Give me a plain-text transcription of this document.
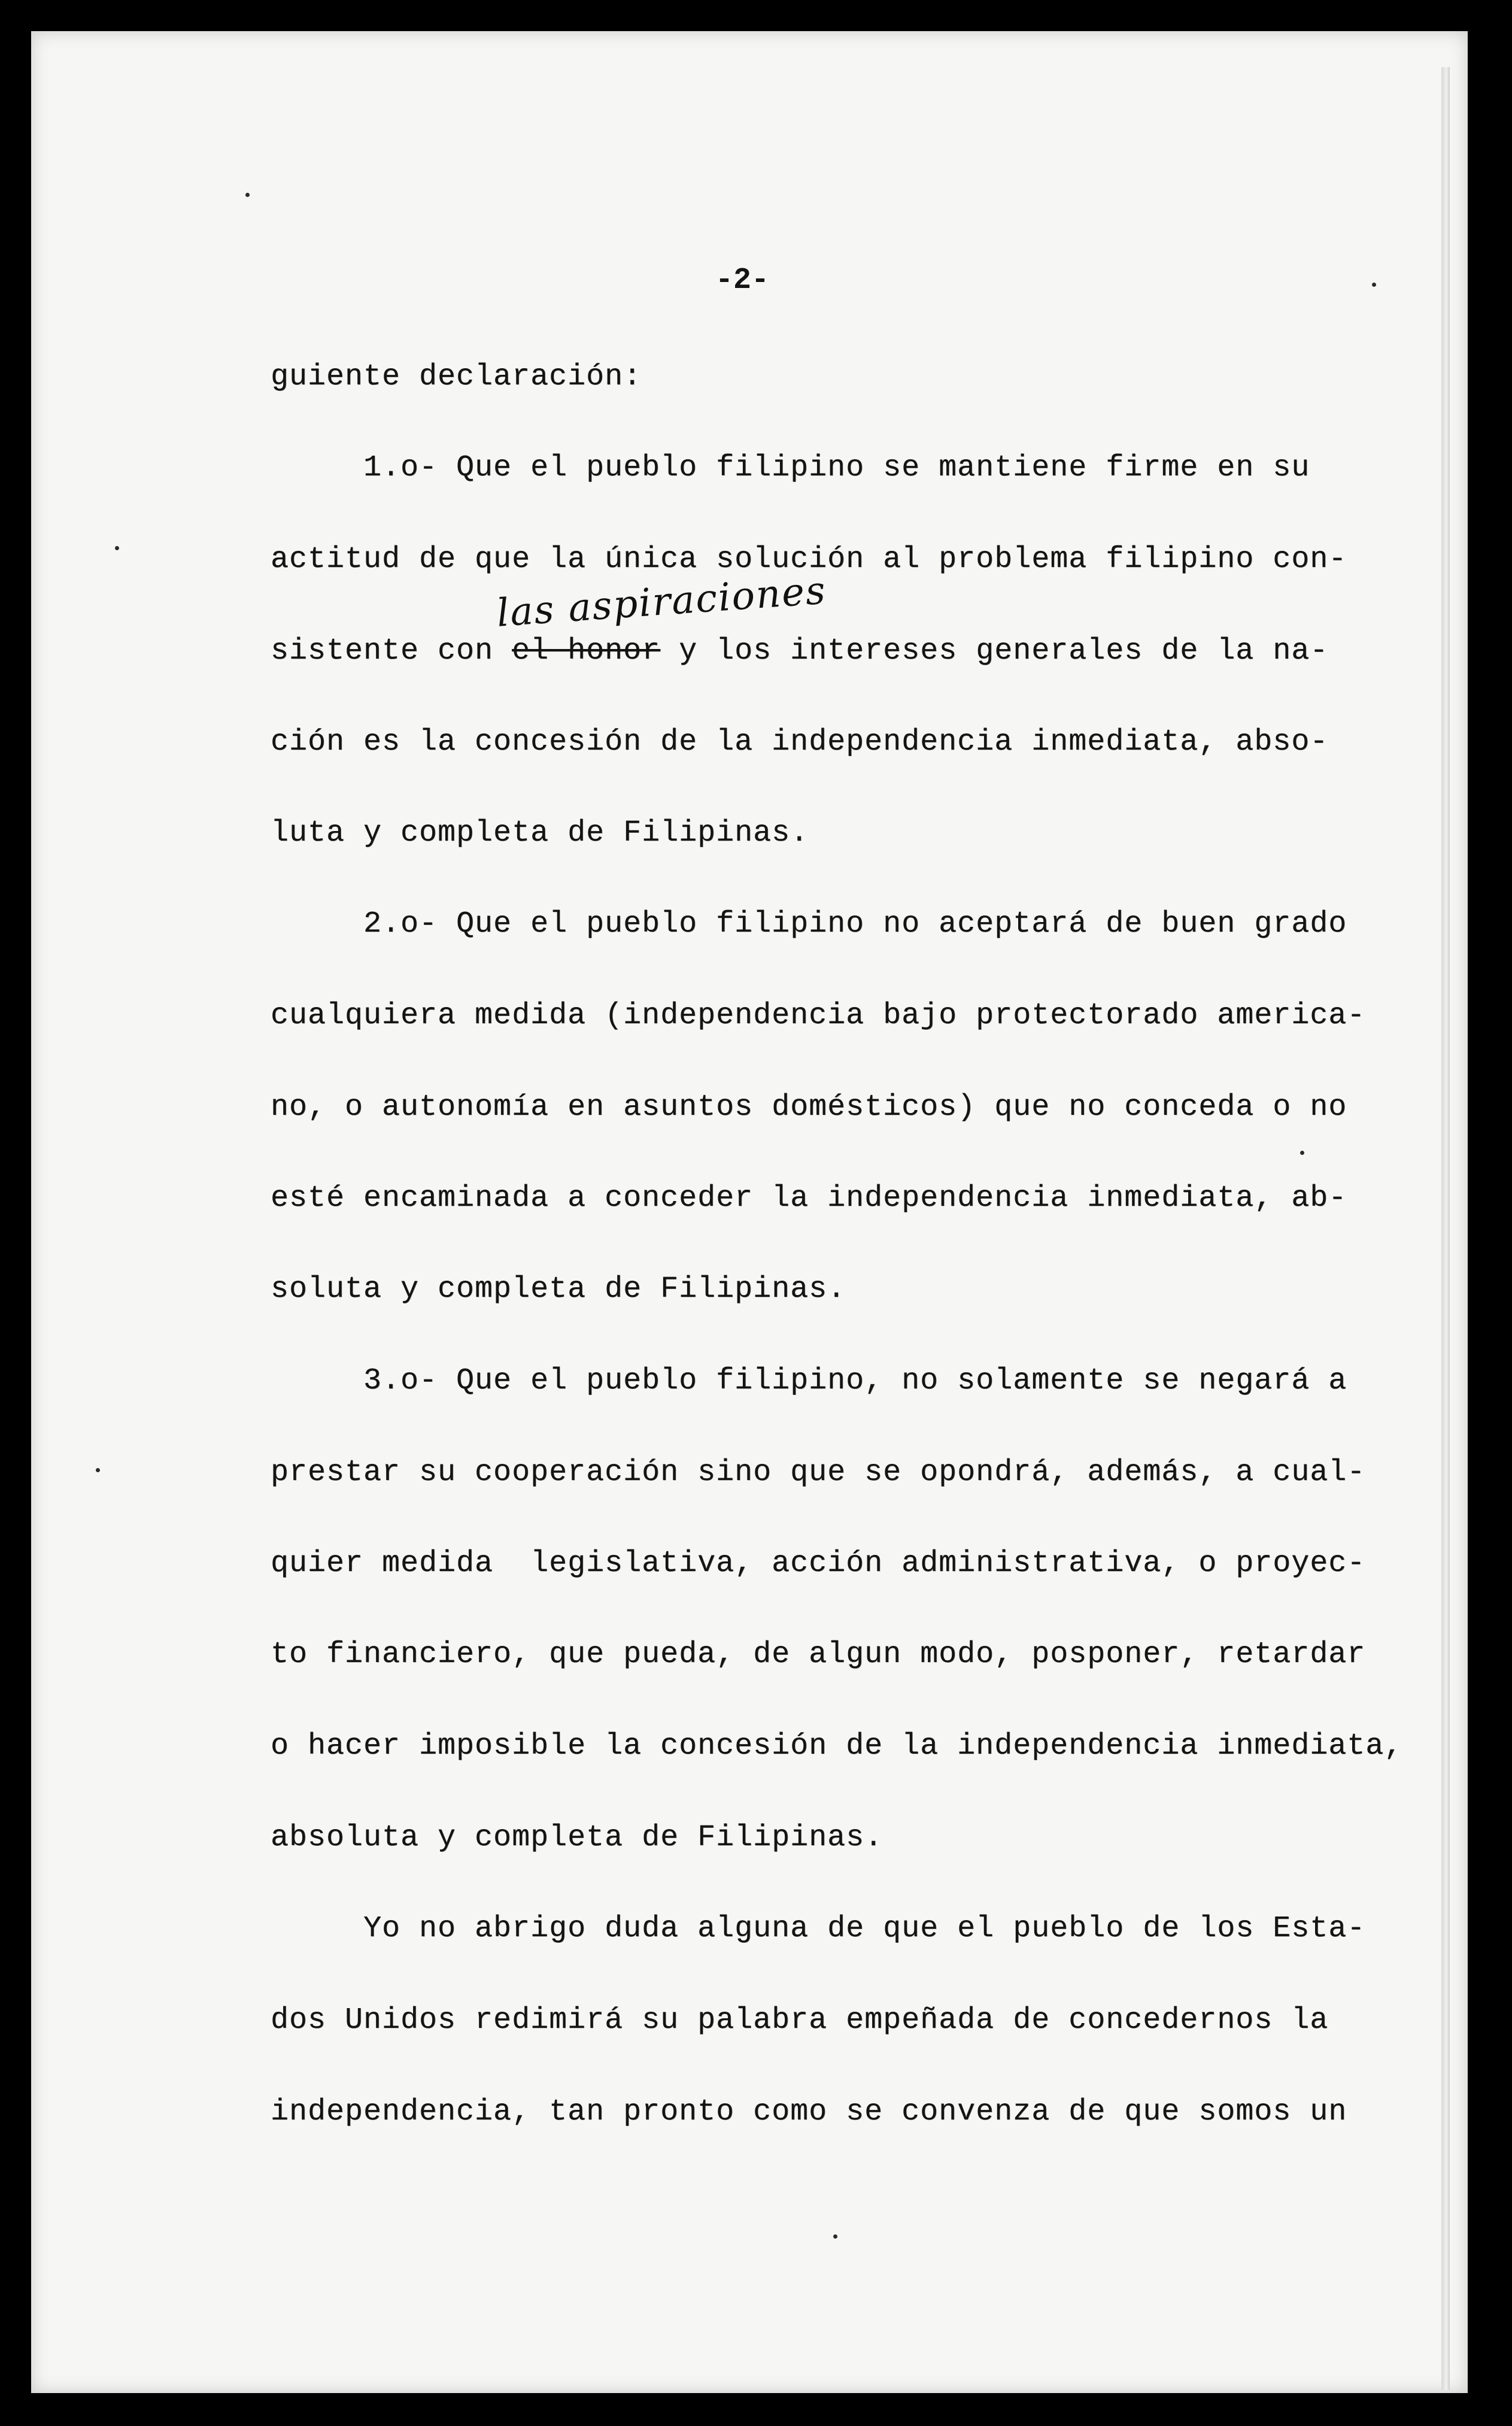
-2-
las aspiraciones

guiente declaración:

1.o- Que el pueblo filipino se mantiene firme en su

actitud de que la única solución al problema filipino con-

sistente con el honor y los intereses generales de la na-

ción es la concesión de la independencia inmediata, abso-

luta y completa de Filipinas.

2.o- Que el pueblo filipino no aceptará de buen grado

cualquiera medida (independencia bajo protectorado america-

no, o autonomía en asuntos domésticos) que no conceda o no

esté encaminada a conceder la independencia inmediata, ab-

soluta y completa de Filipinas.

3.o- Que el pueblo filipino, no solamente se negará a

prestar su cooperación sino que se opondrá, además, a cual-

quier medida  legislativa, acción administrativa, o proyec-

to financiero, que pueda, de algun modo, posponer, retardar

o hacer imposible la concesión de la independencia inmediata,

absoluta y completa de Filipinas.

Yo no abrigo duda alguna de que el pueblo de los Esta-

dos Unidos redimirá su palabra empeñada de concedernos la

independencia, tan pronto como se convenza de que somos un
